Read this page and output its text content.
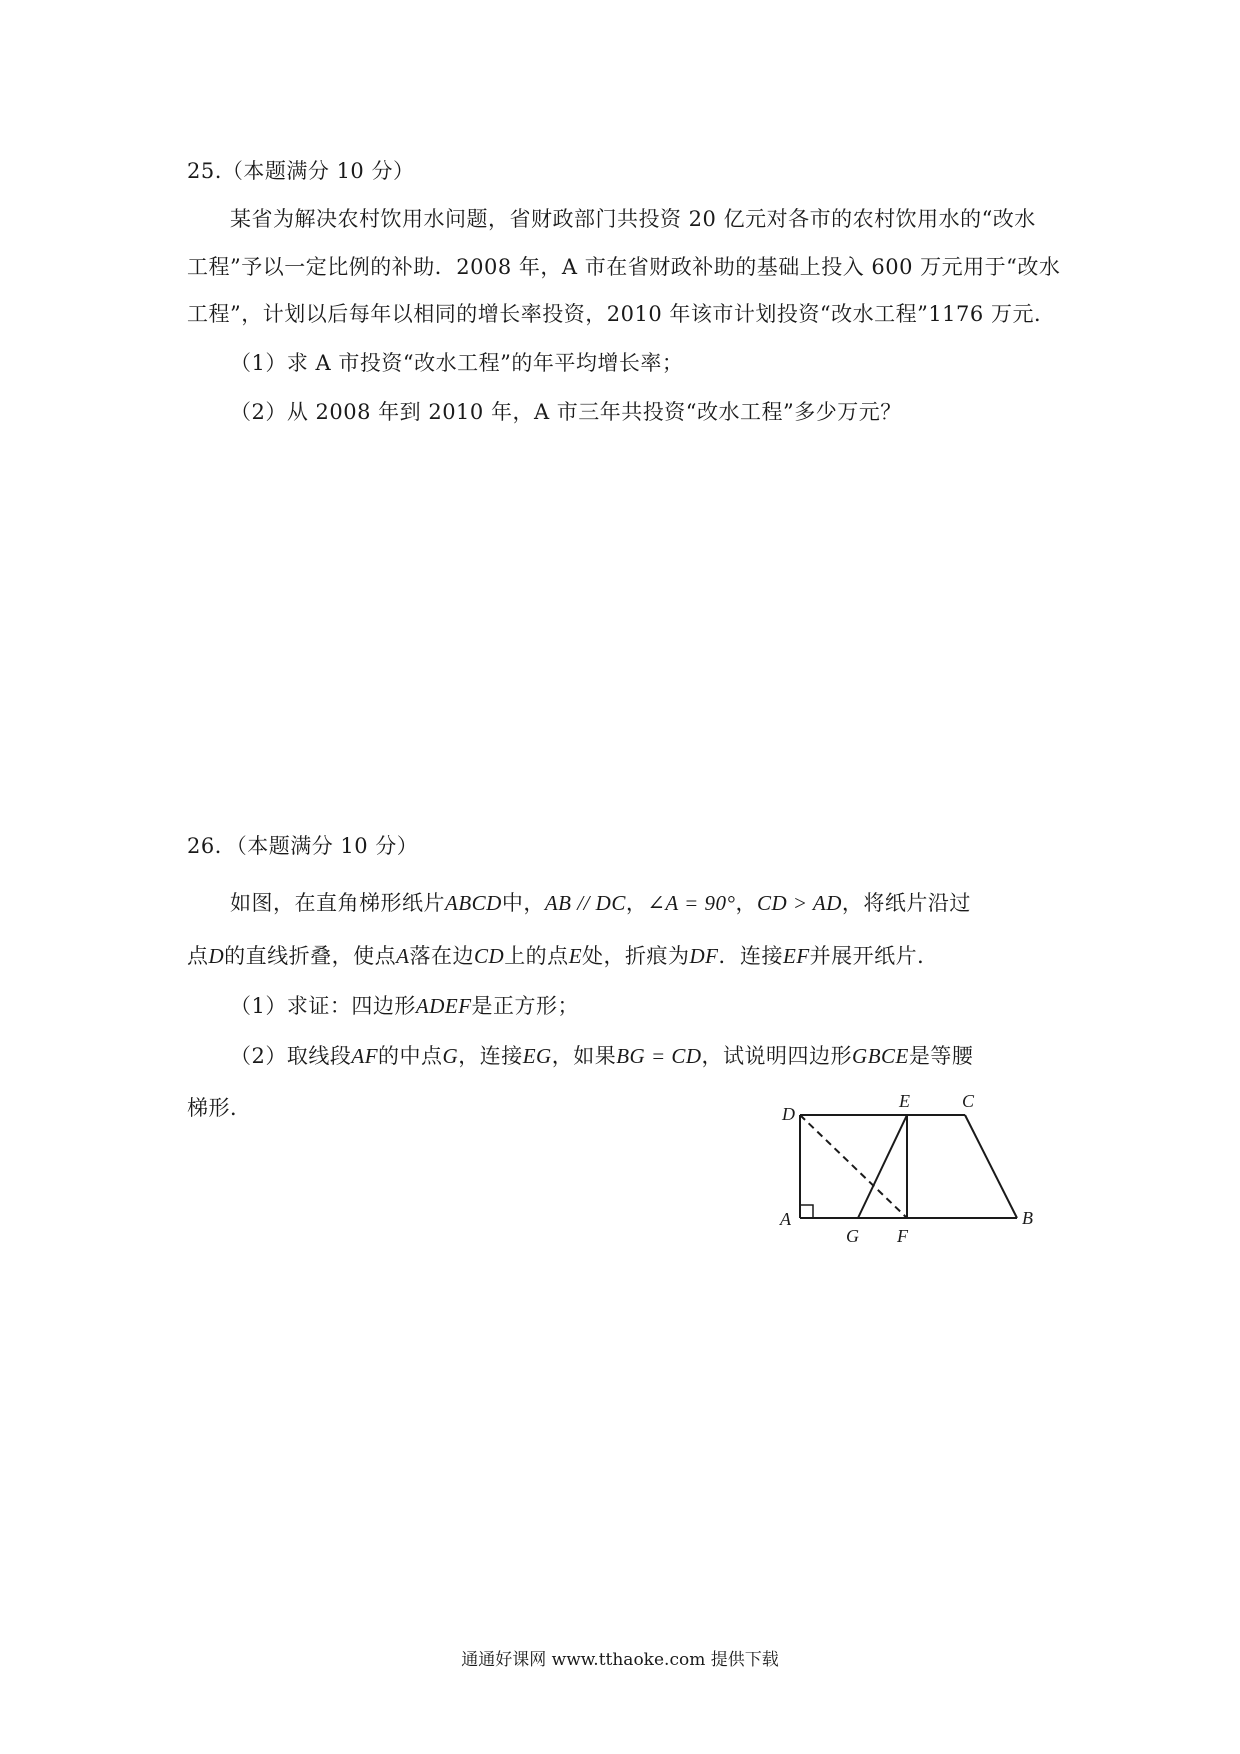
25.（本题满分 10 分）
某省为解决农村饮用水问题，省财政部门共投资 20 亿元对各市的农村饮用水的“改水
工程”予以一定比例的补助．2008 年，A 市在省财政补助的基础上投入 600 万元用于“改水
工程”，计划以后每年以相同的增长率投资，2010 年该市计划投资“改水工程”1176 万元．
（1）求 A 市投资“改水工程”的年平均增长率；
（2）从 2008 年到 2010 年，A 市三年共投资“改水工程”多少万元？
26．（本题满分 10 分）
如图，在直角梯形纸片ABCD中，AB // DC，∠A = 90°，CD > AD，将纸片沿过
点D的直线折叠，使点A落在边CD上的点E处，折痕为DF．连接EF并展开纸片．
（1）求证：四边形ADEF是正方形；
（2）取线段AF的中点G，连接EG，如果BG = CD，试说明四边形GBCE是等腰
梯形．	D
E	C
A
G F
B
通通好课网 www.tthaoke.com 提供下载
